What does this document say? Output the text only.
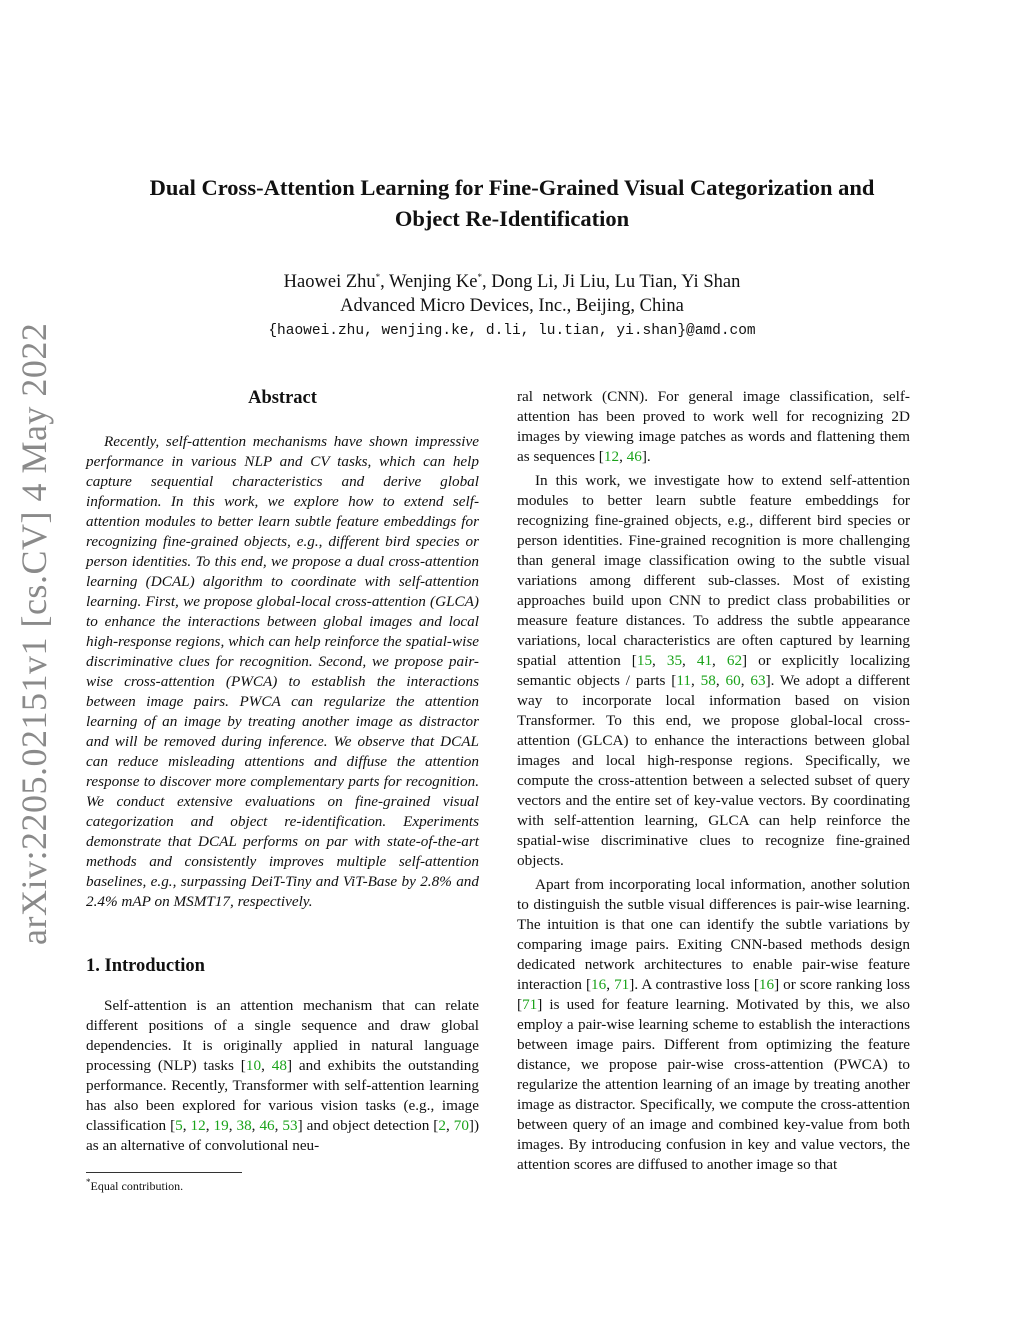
arXiv:2205.02151v1 [cs.CV] 4 May 2022
Dual Cross-Attention Learning for Fine-Grained Visual Categorization and
Object Re-Identification
Haowei Zhu*, Wenjing Ke*, Dong Li, Ji Liu, Lu Tian, Yi Shan
Advanced Micro Devices, Inc., Beijing, China
{haowei.zhu, wenjing.ke, d.li, lu.tian, yi.shan}@amd.com
Abstract

Recently, self-attention mechanisms have shown impressive performance in various NLP and CV tasks, which can help capture sequential characteristics and derive global information. In this work, we explore how to extend self-attention modules to better learn subtle feature embeddings for recognizing fine-grained objects, e.g., different bird species or person identities. To this end, we propose a dual cross-attention learning (DCAL) algorithm to coordinate with self-attention learning. First, we propose global-local cross-attention (GLCA) to enhance the interactions between global images and local high-response regions, which can help reinforce the spatial-wise discriminative clues for recognition. Second, we propose pair-wise cross-attention (PWCA) to establish the interactions between image pairs. PWCA can regularize the attention learning of an image by treating another image as distractor and will be removed during inference. We observe that DCAL can reduce misleading attentions and diffuse the attention response to discover more complementary parts for recognition. We conduct extensive evaluations on fine-grained visual categorization and object re-identification. Experiments demonstrate that DCAL performs on par with state-of-the-art methods and consistently improves multiple self-attention baselines, e.g., surpassing DeiT-Tiny and ViT-Base by 2.8% and 2.4% mAP on MSMT17, respectively.

1. Introduction

Self-attention is an attention mechanism that can relate different positions of a single sequence and draw global dependencies. It is originally applied in natural language processing (NLP) tasks [10, 48] and exhibits the outstanding performance. Recently, Transformer with self-attention learning has also been explored for various vision tasks (e.g., image classification [5, 12, 19, 38, 46, 53] and object detection [2, 70]) as an alternative of convolutional neu-

*Equal contribution.

ral network (CNN). For general image classification, self-attention has been proved to work well for recognizing 2D images by viewing image patches as words and flattening them as sequences [12, 46].

In this work, we investigate how to extend self-attention modules to better learn subtle feature embeddings for recognizing fine-grained objects, e.g., different bird species or person identities. Fine-grained recognition is more challenging than general image classification owing to the subtle visual variations among different sub-classes. Most of existing approaches build upon CNN to predict class probabilities or measure feature distances. To address the subtle appearance variations, local characteristics are often captured by learning spatial attention [15, 35, 41, 62] or explicitly localizing semantic objects / parts [11, 58, 60, 63]. We adopt a different way to incorporate local information based on vision Transformer. To this end, we propose global-local cross-attention (GLCA) to enhance the interactions between global images and local high-response regions. Specifically, we compute the cross-attention between a selected subset of query vectors and the entire set of key-value vectors. By coordinating with self-attention learning, GLCA can help reinforce the spatial-wise discriminative clues to recognize fine-grained objects.

Apart from incorporating local information, another solution to distinguish the sutble visual differences is pair-wise learning. The intuition is that one can identify the subtle variations by comparing image pairs. Exiting CNN-based methods design dedicated network architectures to enable pair-wise feature interaction [16, 71]. A contrastive loss [16] or score ranking loss [71] is used for feature learning. Motivated by this, we also employ a pair-wise learning scheme to establish the interactions between image pairs. Different from optimizing the feature distance, we propose pair-wise cross-attention (PWCA) to regularize the attention learning of an image by treating another image as distractor. Specifically, we compute the cross-attention between query of an image and combined key-value from both images. By introducing confusion in key and value vectors, the attention scores are diffused to another image so that
